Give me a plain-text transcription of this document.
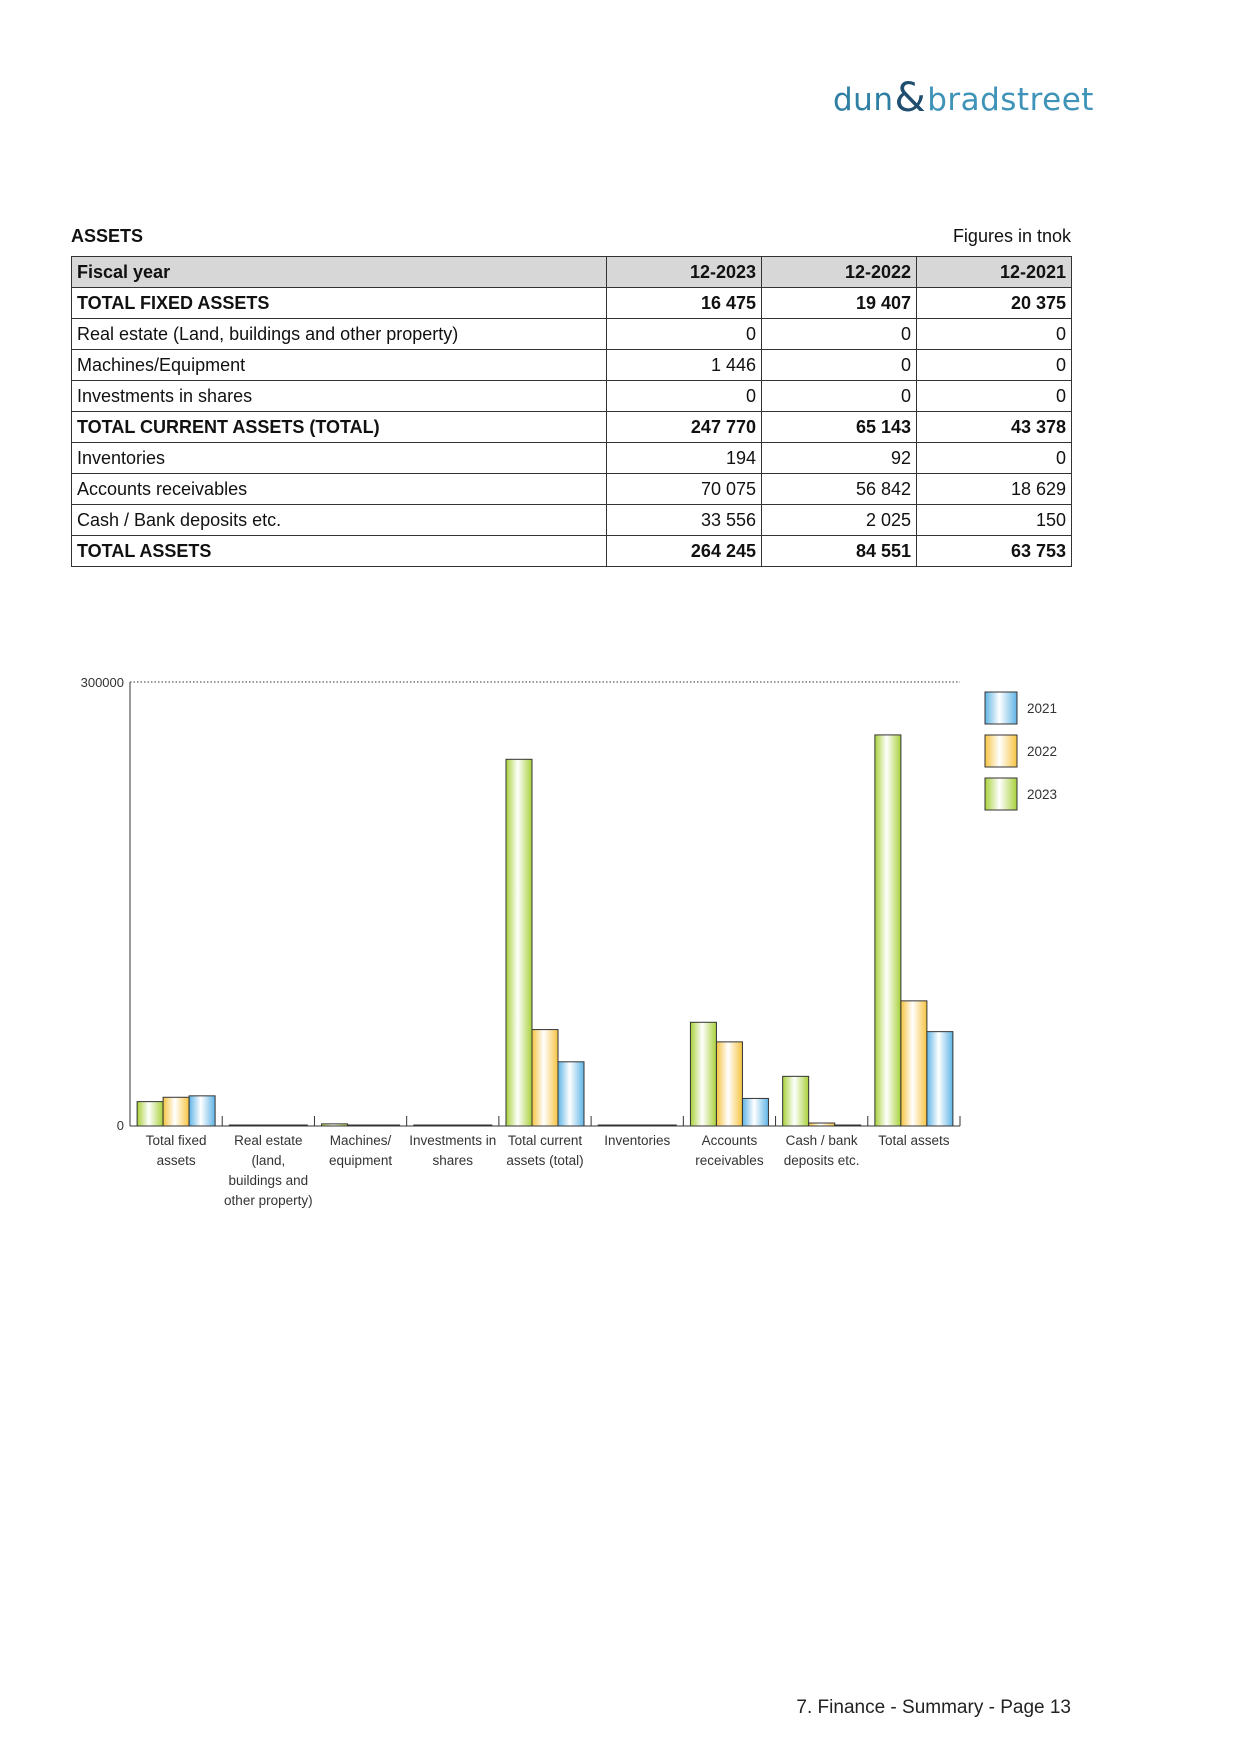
dun & bradstreet
ASSETS	Figures in tnok
Fiscal year	12-2023	12-2022	12-2021
TOTAL FIXED ASSETS	16 475	19 407	20 375
Real estate (Land, buildings and other property)	0	0	0
Machines/Equipment	1 446	0	0
Investments in shares	0	0	0
TOTAL CURRENT ASSETS (TOTAL)	247 770	65 143	43 378
Inventories	194	92	0
Accounts receivables	70 075	56 842	18 629
Cash / Bank deposits etc.	33 556	2 025	150
TOTAL ASSETS	264 245	84 551	63 753
0
300000
Total fixed
assets
Real estate
(land,
buildings and
other property)
Machines/
equipment
Investments in
shares
Total current
assets (total)
Inventories Accounts
receivables
Cash / bank
deposits etc.
Total assets
2021
2022
2023
7. Finance - Summary - Page 13
